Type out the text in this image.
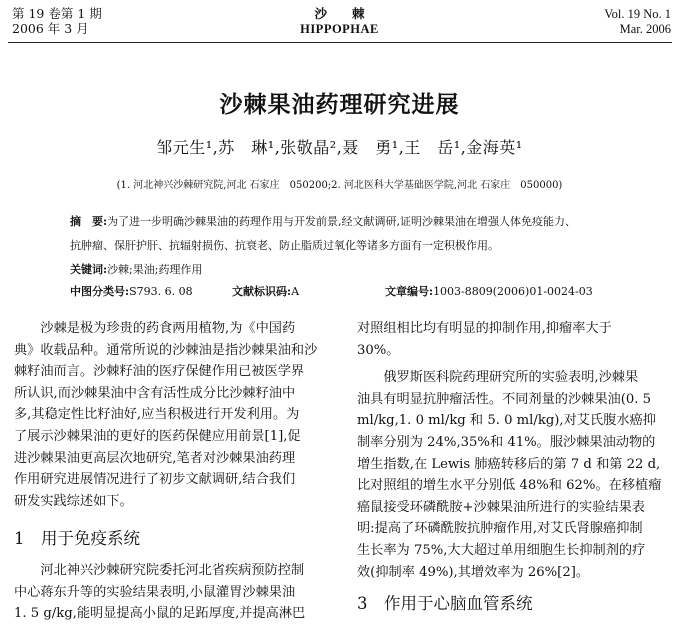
第 19 卷第 1 期
2006 年 3 月
沙　　棘
HIPPOPHAE
Vol. 19 No. 1
Mar. 2006
沙棘果油药理研究进展
邹元生¹,苏　琳¹,张敬晶²,聂　勇¹,王　岳¹,金海英¹
(1. 河北神兴沙棘研究院,河北 石家庄　050200;2. 河北医科大学基础医学院,河北 石家庄　050000)
摘　要:为了进一步明确沙棘果油的药理作用与开发前景,经文献调研,证明沙棘果油在增强人体免疫能力、
抗肿瘤、保肝护肝、抗辐射损伤、抗衰老、防止脂质过氧化等诸多方面有一定积极作用。
关键词:沙棘;果油;药理作用
中图分类号:S793. 6. 08	文献标识码:A	文章编号:1003-8809(2006)01-0024-03
沙棘是极为珍贵的药食两用植物,为《中国药
典》收载品种。通常所说的沙棘油是指沙棘果油和沙
棘籽油而言。沙棘籽油的医疗保健作用已被医学界
所认识,而沙棘果油中含有活性成分比沙棘籽油中
多,其稳定性比籽油好,应当积极进行开发利用。为
了展示沙棘果油的更好的医药保健应用前景[1],促
进沙棘果油更高层次地研究,笔者对沙棘果油药理
作用研究进展情况进行了初步文献调研,结合我们
研发实践综述如下。
1　用于免疫系统
河北神兴沙棘研究院委托河北省疾病预防控制
中心蒋东升等的实验结果表明,小鼠灌胃沙棘果油
1. 5 g/kg,能明显提高小鼠的足跖厚度,并提高淋巴
对照组相比均有明显的抑制作用,抑瘤率大于
30%。
俄罗斯医科院药理研究所的实验表明,沙棘果
油具有明显抗肿瘤活性。不同剂量的沙棘果油(0. 5
ml/kg,1. 0 ml/kg 和 5. 0 ml/kg),对艾氏腹水癌抑
制率分别为 24%,35%和 41%。服沙棘果油动物的
增生指数,在 Lewis 肺癌转移后的第 7 d 和第 22 d,
比对照组的增生水平分别低 48%和 62%。在移植瘤
癌鼠接受环磷酰胺+沙棘果油所进行的实验结果表
明:提高了环磷酰胺抗肿瘤作用,对艾氏肾腺癌抑制
生长率为 75%,大大超过单用细胞生长抑制剂的疗
效(抑制率 49%),其增效率为 26%[2]。
3　作用于心脑血管系统
